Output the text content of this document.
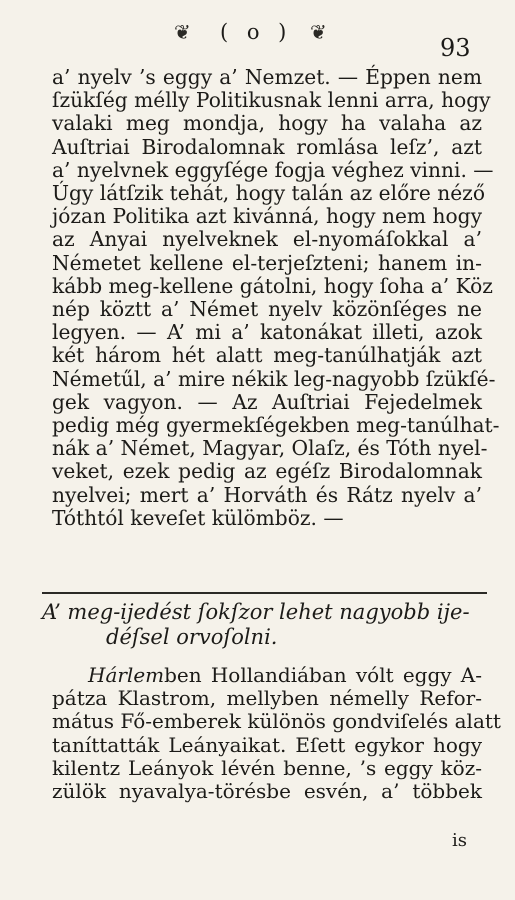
❦ ( o ) ❦
93
a’ nyelv ’s eggy a’ Nemzet. — Éppen nem
ſzükſég mélly Politikusnak lenni arra, hogy
valaki meg mondja, hogy ha valaha az
Auſtriai Birodalomnak romlása leſz’, azt
a’ nyelvnek eggyſége fogja véghez vinni. —
Úgy látſzik tehát, hogy talán az előre néző
józan Politika azt kivánná, hogy nem hogy
az Anyai nyelveknek el-nyomáſokkal a’
Németet kellene el-terjeſzteni; hanem in-
kább meg-kellene gátolni, hogy ſoha a’ Köz
nép köztt a’ Német nyelv közönſéges ne
legyen. — A’ mi a’ katonákat illeti, azok
két három hét alatt meg-tanúlhatják azt
Németűl, a’ mire nékik leg-nagyobb ſzükſé-
gek vagyon. — Az Auſtriai Fejedelmek
pedig még gyermekſégekben meg-tanúlhat-
nák a’ Német, Magyar, Olaſz, és Tóth nyel-
veket, ezek pedig az egéſz Birodalomnak
nyelvei; mert a’ Horváth és Rátz nyelv a’
Tóthtól keveſet külömböz. —
A’ meg-ijedést ſokſzor lehet nagyobb ije-
déſsel orvoſolni.
Hárlemben Hollandiában vólt eggy A-
pátza Klastrom, mellyben némelly Refor-
mátus Fő-emberek különös gondviſelés alatt
taníttatták Leányaikat. Eſett egykor hogy
kilentz Leányok lévén benne, ’s eggy köz-
zülök nyavalya-törésbe esvén, a’ többek
is
